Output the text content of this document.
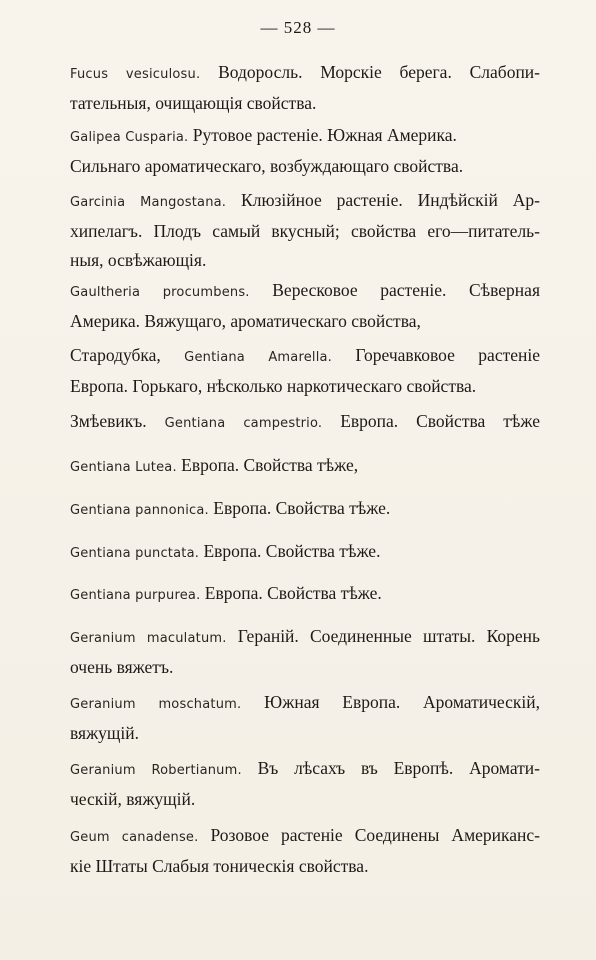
— 528 —
Fucus vesiculosu. Водоросль. Морскiе берега. Слабопи-
тательныя, очищающiя свойства.
Galipea Cusparia. Рутовое растенiе. Южная Америка.
Сильнаго ароматическаго, возбуждающаго свойства.
Garcinia Mangostana. Клюзiйное растенiе. Индѣйскiй Ар-
хипелагъ. Плодъ самый вкусный; свойства его—питатель-
ныя, освѣжающiя.
Gaultheria procumbens. Вересковое растенiе. Сѣверная
Америка. Вяжущаго, ароматическаго свойства,
Стародубка, Gentiana Amarella. Горечавковое растенiе
Европа. Горькаго, нѣсколько наркотическаго свойства.
Змѣевикъ. Gentiana campestrio. Европа. Свойства тѣже
Gentiana Lutea. Европа. Свойства тѣже,
Gentiana pannonica. Европа. Свойства тѣже.
Gentiana punctata. Европа. Свойства тѣже.
Gentiana purpurea. Европа. Свойства тѣже.
Geranium maculatum. Геранiй. Соединенные штаты. Корень
очень вяжетъ.
Geranium moschatum. Южная Европа. Ароматическiй,
вяжущiй.
Geranium Robertianum. Въ лѣсахъ въ Европѣ. Аромати-
ческiй, вяжущiй.
Geum canadense. Розовое растенiе Соединены Американс-
кiе Штаты Слабыя тоническiя свойства.
